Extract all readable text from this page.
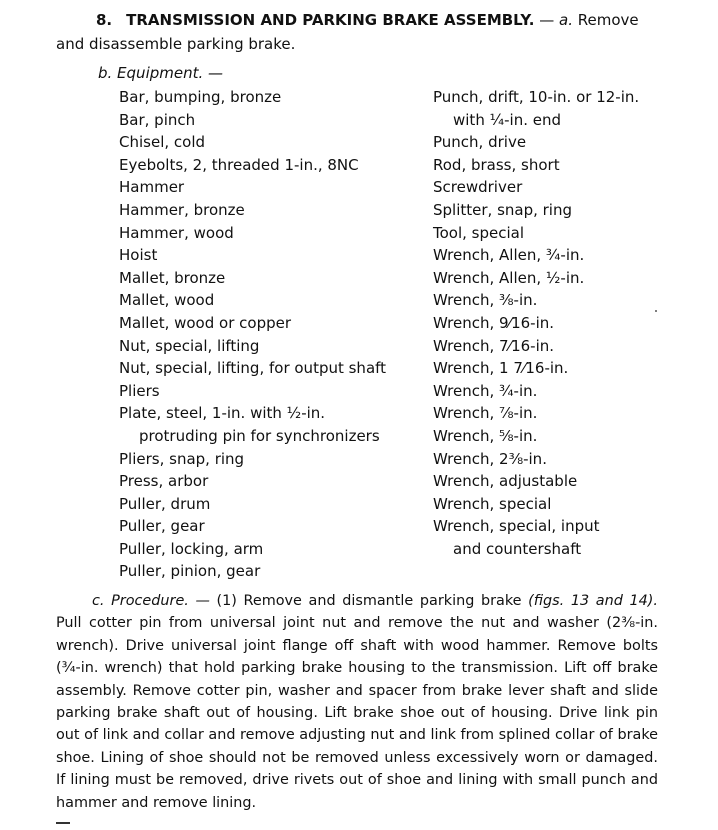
8. TRANSMISSION AND PARKING BRAKE ASSEMBLY. — a. Remove
and disassemble parking brake.
b. Equipment. —
Bar, bumping, bronze
Bar, pinch
Chisel, cold
Eyebolts, 2, threaded 1-in., 8NC
Hammer
Hammer, bronze
Hammer, wood
Hoist
Mallet, bronze
Mallet, wood
Mallet, wood or copper
Nut, special, lifting
Nut, special, lifting, for output shaft
Pliers
Plate, steel, 1-in. with ½-in.
protruding pin for synchronizers
Pliers, snap, ring
Press, arbor
Puller, drum
Puller, gear
Puller, locking, arm
Puller, pinion, gear
Punch, drift, 10-in. or 12-in.
with ¼-in. end
Punch, drive
Rod, brass, short
Screwdriver
Splitter, snap, ring
Tool, special
Wrench, Allen, ¾-in.
Wrench, Allen, ½-in.
Wrench, ⅜-in.
Wrench, 9⁄16-in.
Wrench, 7⁄16-in.
Wrench, 1 7⁄16-in.
Wrench, ¾-in.
Wrench, ⅞-in.
Wrench, ⅝-in.
Wrench, 2⅜-in.
Wrench, adjustable
Wrench, special
Wrench, special, input
and countershaft
c. Procedure. — (1) Remove and dismantle parking brake (figs. 13 and 14). Pull cotter pin from universal joint nut and remove the nut and washer (2⅜-in. wrench). Drive universal joint flange off shaft with wood hammer. Remove bolts (¾-in. wrench) that hold parking brake housing to the transmission. Lift off brake assembly. Remove cotter pin, washer and spacer from brake lever shaft and slide parking brake shaft out of housing. Lift brake shoe out of housing. Drive link pin out of link and collar and remove adjusting nut and link from splined collar of brake shoe. Lining of shoe should not be removed unless excessively worn or damaged. If lining must be removed, drive rivets out of shoe and lining with small punch and hammer and remove lining.
